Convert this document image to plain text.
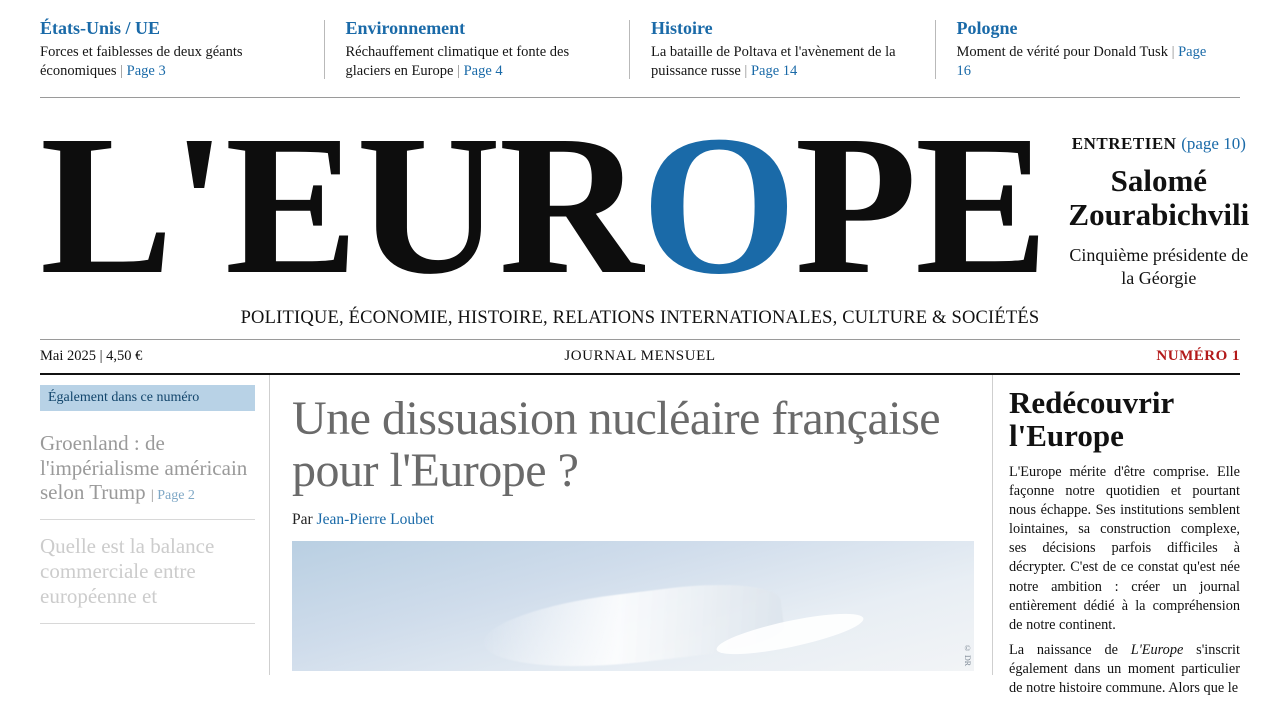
États-Unis / UE
Forces et faiblesses de deux géants économiques | Page 3
Environnement
Réchauffement climatique et fonte des glaciers en Europe | Page 4
Histoire
La bataille de Poltava et l'avènement de la puissance russe | Page 14
Pologne
Moment de vérité pour Donald Tusk | Page 16
L'EUROPE ENTRETIEN (page 10)
Salomé Zourabichvili
Cinquième présidente de la Géorgie
POLITIQUE, ÉCONOMIE, HISTOIRE, RELATIONS INTERNATIONALES, CULTURE & SOCIÉTÉS
Mai 2025 | 4,50 €	JOURNAL MENSUEL	NUMÉRO 1
Également dans ce numéro
Groenland : de l'impérialisme américain selon Trump | Page 2
Quelle est la balance commerciale entre européenne et
Une dissuasion nucléaire française pour l'Europe ?
Par Jean-Pierre Loubet
© DR
Redécouvrir l'Europe

L'Europe mérite d'être comprise. Elle façonne notre quotidien et pourtant nous échappe. Ses institutions semblent lointaines, sa construction complexe, ses décisions parfois difficiles à décrypter. C'est de ce constat qu'est née notre ambition : créer un journal entièrement dédié à la compréhension de notre continent.

La naissance de L'Europe s'inscrit également dans un moment particulier de notre histoire commune. Alors que le
